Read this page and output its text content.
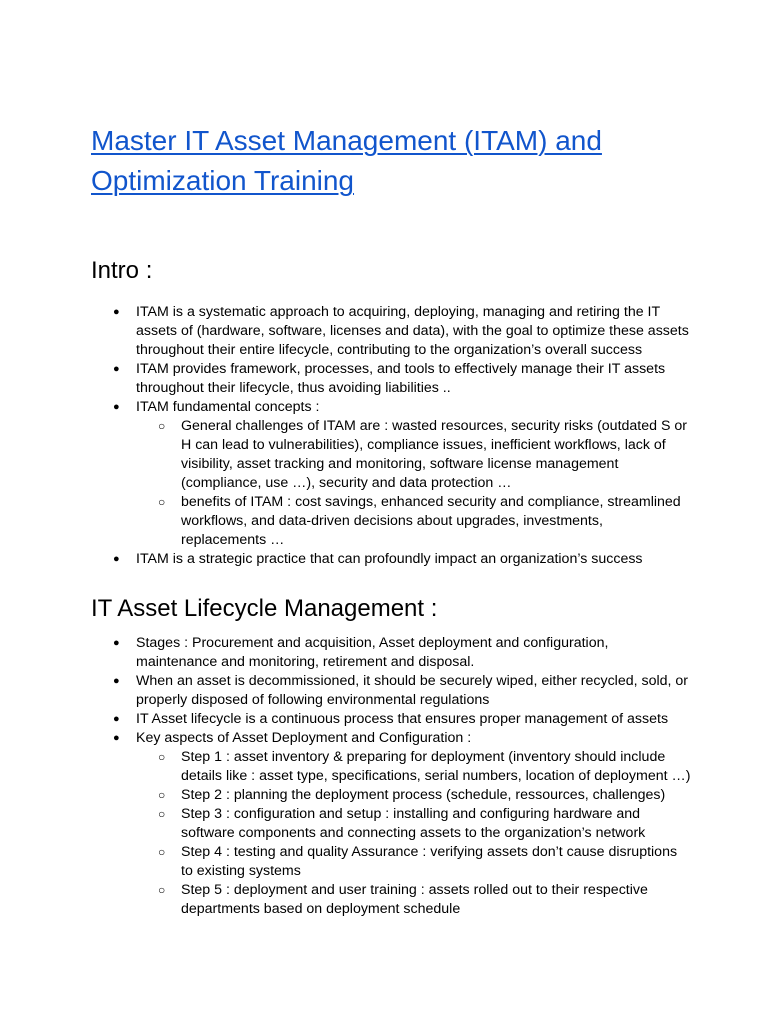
Master IT Asset Management (ITAM) and Optimization Training
Intro :
● ITAM is a systematic approach to acquiring, deploying, managing and retiring the IT assets of (hardware, software, licenses and data), with the goal to optimize these assets throughout their entire lifecycle, contributing to the organization’s overall success
● ITAM provides framework, processes, and tools to effectively manage their IT assets throughout their lifecycle, thus avoiding liabilities ..
● ITAM fundamental concepts :
○ General challenges of ITAM are : wasted resources, security risks (outdated S or H can lead to vulnerabilities), compliance issues, inefficient workflows, lack of visibility, asset tracking and monitoring, software license management (compliance, use …), security and data protection …
○ benefits of ITAM : cost savings, enhanced security and compliance, streamlined workflows, and data-driven decisions about upgrades, investments, replacements …
● ITAM is a strategic practice that can profoundly impact an organization’s success
IT Asset Lifecycle Management :
● Stages : Procurement and acquisition, Asset deployment and configuration, maintenance and monitoring, retirement and disposal.
● When an asset is decommissioned, it should be securely wiped, either recycled, sold, or properly disposed of following environmental regulations
● IT Asset lifecycle is a continuous process that ensures proper management of assets
● Key aspects of Asset Deployment and Configuration :
○ Step 1 : asset inventory & preparing for deployment (inventory should include details like : asset type, specifications, serial numbers, location of deployment …)
○ Step 2 : planning the deployment process (schedule, ressources, challenges)
○ Step 3 : configuration and setup : installing and configuring hardware and software components and connecting assets to the organization’s network
○ Step 4 : testing and quality Assurance : verifying assets don’t cause disruptions to existing systems
○ Step 5 : deployment and user training : assets rolled out to their respective departments based on deployment schedule
